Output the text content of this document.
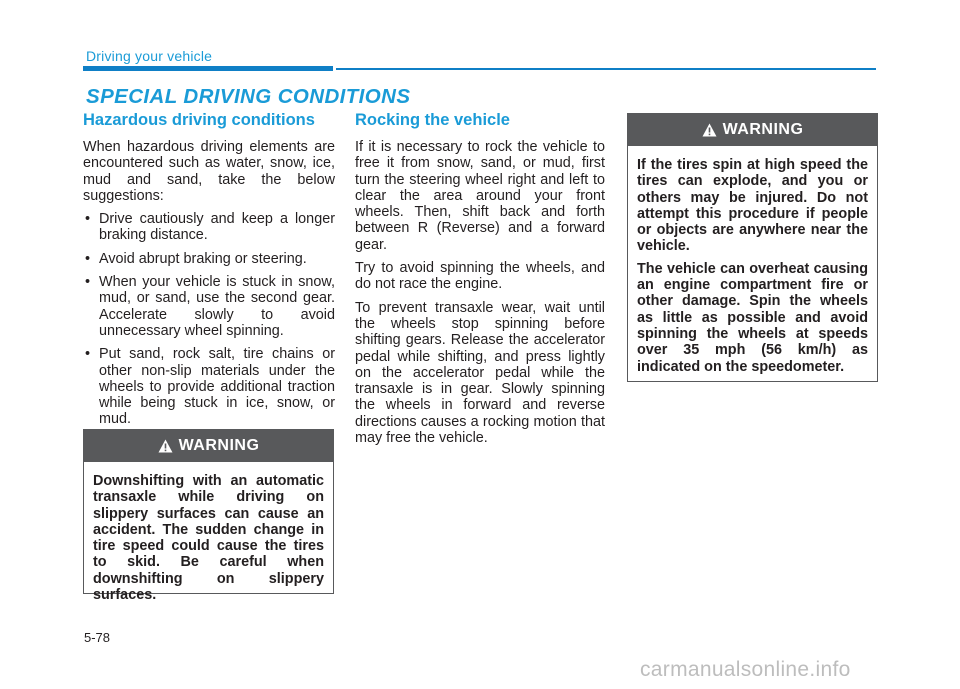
Driving your vehicle
SPECIAL DRIVING CONDITIONS
Hazardous driving conditions

When hazardous driving elements are encountered such as water, snow, ice, mud and sand, take the below suggestions:

• Drive cautiously and keep a longer braking distance.
• Avoid abrupt braking or steering.
• When your vehicle is stuck in snow, mud, or sand, use the second gear. Accelerate slowly to avoid unnecessary wheel spinning.
• Put sand, rock salt, tire chains or other non-slip materials under the wheels to provide additional traction while being stuck in ice, snow, or mud.
WARNING

Downshifting with an automatic transaxle while driving on slippery surfaces can cause an accident. The sudden change in tire speed could cause the tires to skid. Be careful when downshifting on slippery surfaces.

Rocking the vehicle

If it is necessary to rock the vehicle to free it from snow, sand, or mud, first turn the steering wheel right and left to clear the area around your front wheels. Then, shift back and forth between R (Reverse) and a forward gear.

Try to avoid spinning the wheels, and do not race the engine.

To prevent transaxle wear, wait until the wheels stop spinning before shifting gears. Release the accelerator pedal while shifting, and press lightly on the accelerator pedal while the transaxle is in gear. Slowly spinning the wheels in forward and reverse directions causes a rocking motion that may free the vehicle.

WARNING

If the tires spin at high speed the tires can explode, and you or others may be injured. Do not attempt this procedure if people or objects are anywhere near the vehicle.

The vehicle can overheat causing an engine compartment fire or other damage. Spin the wheels as little as possible and avoid spinning the wheels at speeds over 35 mph (56 km/h) as indicated on the speedometer.

5-78
carmanualsonline.info
